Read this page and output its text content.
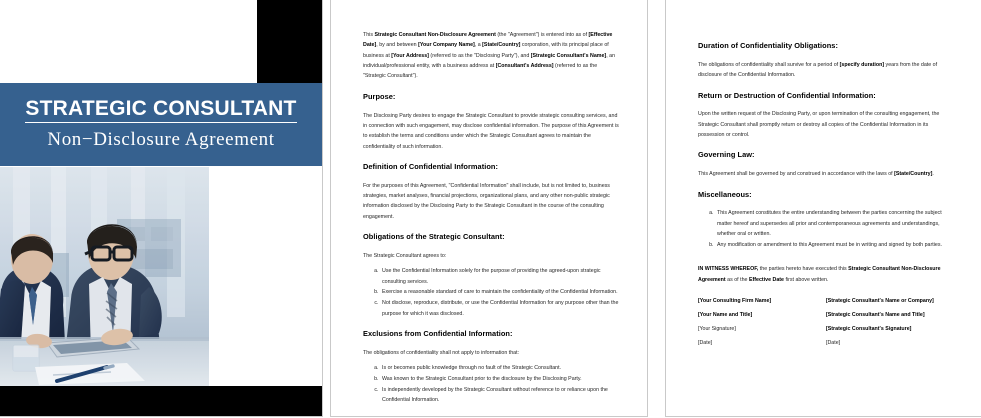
STRATEGIC CONSULTANT
Non−Disclosure Agreement

This Strategic Consultant Non-Disclosure Agreement (the "Agreement") is entered into as of [Effective Date], by and between [Your Company Name], a [State/Country] corporation, with its principal place of business at [Your Address] (referred to as the "Disclosing Party"), and [Strategic Consultant's Name], an individual/professional entity, with a business address at [Consultant's Address] (referred to as the "Strategic Consultant").

Purpose:

The Disclosing Party desires to engage the Strategic Consultant to provide strategic consulting services, and in connection with such engagement, may disclose confidential information. The purpose of this Agreement is to establish the terms and conditions under which the Strategic Consultant agrees to maintain the confidentiality of such information.

Definition of Confidential Information:

For the purposes of this Agreement, "Confidential Information" shall include, but is not limited to, business strategies, market analyses, financial projections, organizational plans, and any other non-public strategic information disclosed by the Disclosing Party to the Strategic Consultant in the course of the consulting engagement.

Obligations of the Strategic Consultant:

The Strategic Consultant agrees to:

a. Use the Confidential Information solely for the purpose of providing the agreed-upon strategic consulting services.
b. Exercise a reasonable standard of care to maintain the confidentiality of the Confidential Information.
c. Not disclose, reproduce, distribute, or use the Confidential Information for any purpose other than the purpose for which it was disclosed.
Exclusions from Confidential Information:

The obligations of confidentiality shall not apply to information that:

a. Is or becomes public knowledge through no fault of the Strategic Consultant.
b. Was known to the Strategic Consultant prior to the disclosure by the Disclosing Party.
c. Is independently developed by the Strategic Consultant without reference to or reliance upon the Confidential Information.
Duration of Confidentiality Obligations:

The obligations of confidentiality shall survive for a period of [specify duration] years from the date of disclosure of the Confidential Information.

Return or Destruction of Confidential Information:

Upon the written request of the Disclosing Party, or upon termination of the consulting engagement, the Strategic Consultant shall promptly return or destroy all copies of the Confidential Information in its possession or control.

Governing Law:

This Agreement shall be governed by and construed in accordance with the laws of [State/Country].

Miscellaneous:
a. This Agreement constitutes the entire understanding between the parties concerning the subject matter hereof and supersedes all prior and contemporaneous agreements and understandings, whether oral or written.
b. Any modification or amendment to this Agreement must be in writing and signed by both parties.

IN WITNESS WHEREOF, the parties hereto have executed this Strategic Consultant Non-Disclosure Agreement as of the Effective Date first above written.

[Your Consulting Firm Name]	[Strategic Consultant's Name or Company]
[Your Name and Title]	[Strategic Consultant's Name and Title]
[Your Signature]	[Strategic Consultant's Signature]
[Date]	[Date]
